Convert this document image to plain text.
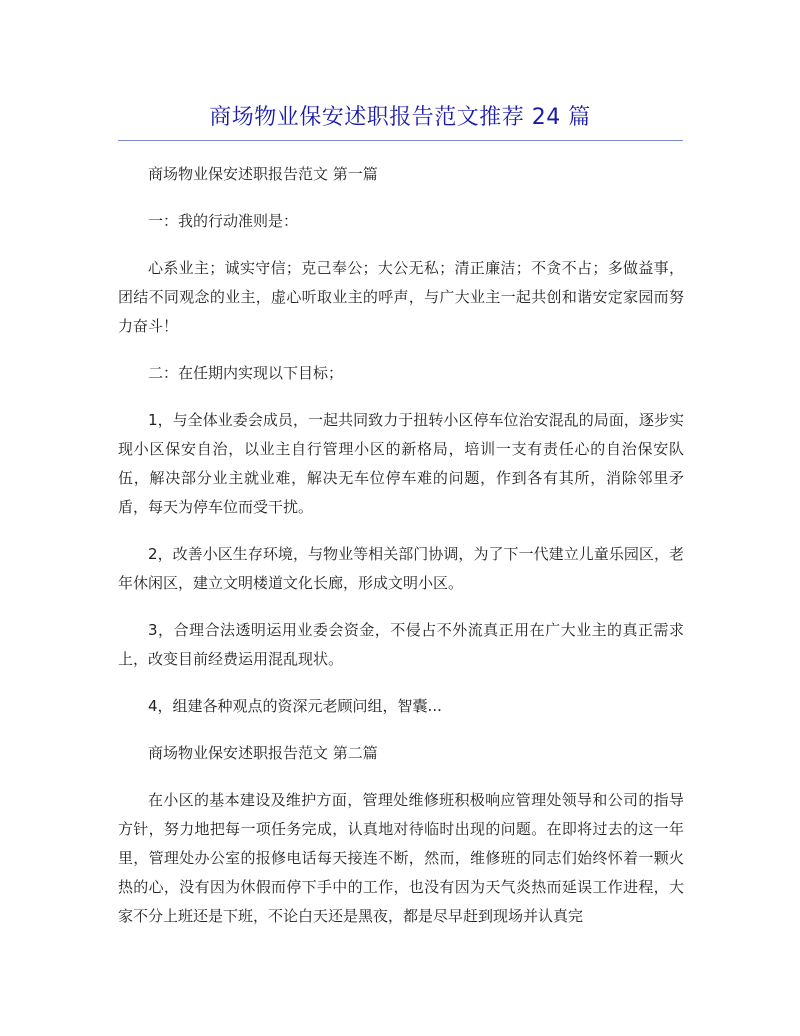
商场物业保安述职报告范文推荐 24 篇

商场物业保安述职报告范文 第一篇

一：我的行动准则是：

心系业主；诚实守信；克己奉公；大公无私；清正廉洁；不贪不占；多做益事，团结不同观念的业主，虚心听取业主的呼声，与广大业主一起共创和谐安定家园而努力奋斗！

二：在任期内实现以下目标；

1，与全体业委会成员，一起共同致力于扭转小区停车位治安混乱的局面，逐步实现小区保安自治，以业主自行管理小区的新格局，培训一支有责任心的自治保安队伍，解决部分业主就业难，解决无车位停车难的问题，作到各有其所，消除邻里矛盾，每天为停车位而受干扰。

2，改善小区生存环境，与物业等相关部门协调，为了下一代建立儿童乐园区，老年休闲区，建立文明楼道文化长廊，形成文明小区。

3，合理合法透明运用业委会资金，不侵占不外流真正用在广大业主的真正需求上，改变目前经费运用混乱现状。

4，组建各种观点的资深元老顾问组，智囊...

商场物业保安述职报告范文 第二篇

在小区的基本建设及维护方面，管理处维修班积极响应管理处领导和公司的指导方针，努力地把每一项任务完成，认真地对待临时出现的问题。在即将过去的这一年里，管理处办公室的报修电话每天接连不断，然而，维修班的同志们始终怀着一颗火热的心，没有因为休假而停下手中的工作，也没有因为天气炎热而延误工作进程，大家不分上班还是下班，不论白天还是黑夜，都是尽早赶到现场并认真完
